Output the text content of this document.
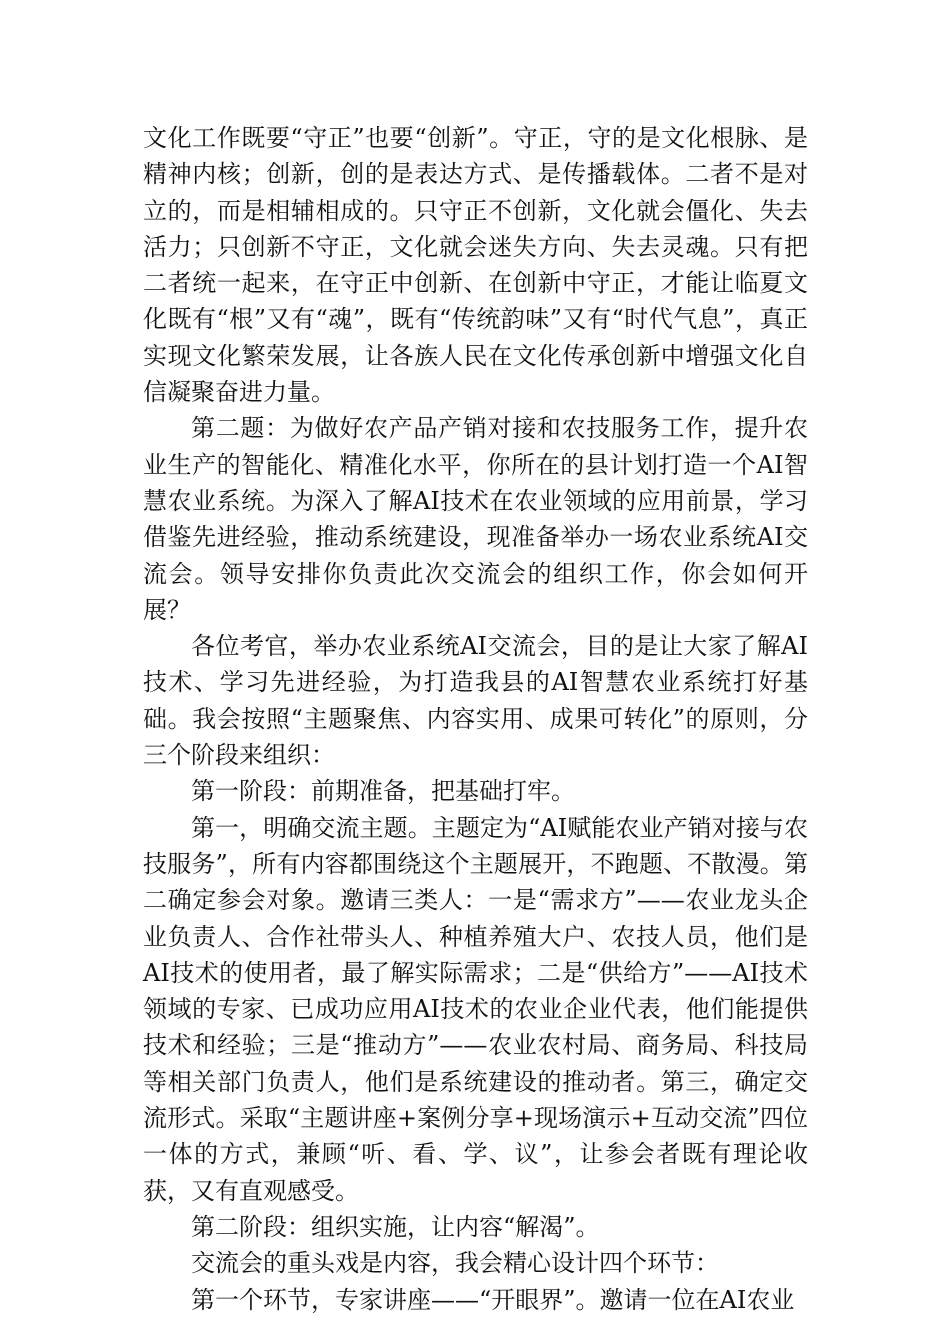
文化工作既要“守正”也要“创新”。守正，守的是文化根脉、是精神内核；创新，创的是表达方式、是传播载体。二者不是对立的，而是相辅相成的。只守正不创新，文化就会僵化、失去活力；只创新不守正，文化就会迷失方向、失去灵魂。只有把二者统一起来，在守正中创新、在创新中守正，才能让临夏文化既有“根”又有“魂”，既有“传统韵味”又有“时代气息”，真正实现文化繁荣发展，让各族人民在文化传承创新中增强文化自信凝聚奋进力量。

第二题：为做好农产品产销对接和农技服务工作，提升农业生产的智能化、精准化水平，你所在的县计划打造一个AI智慧农业系统。为深入了解AI技术在农业领域的应用前景，学习借鉴先进经验，推动系统建设，现准备举办一场农业系统AI交流会。领导安排你负责此次交流会的组织工作，你会如何开展？

各位考官，举办农业系统AI交流会，目的是让大家了解AI技术、学习先进经验，为打造我县的AI智慧农业系统打好基础。我会按照“主题聚焦、内容实用、成果可转化”的原则，分三个阶段来组织：

第一阶段：前期准备，把基础打牢。

第一，明确交流主题。主题定为“AI赋能农业产销对接与农技服务”，所有内容都围绕这个主题展开，不跑题、不散漫。第二确定参会对象。邀请三类人：一是“需求方”——农业龙头企业负责人、合作社带头人、种植养殖大户、农技人员，他们是AI技术的使用者，最了解实际需求；二是“供给方”——AI技术领域的专家、已成功应用AI技术的农业企业代表，他们能提供技术和经验；三是“推动方”——农业农村局、商务局、科技局等相关部门负责人，他们是系统建设的推动者。第三，确定交流形式。采取“主题讲座+案例分享+现场演示+互动交流”四位一体的方式，兼顾“听、看、学、议”，让参会者既有理论收获，又有直观感受。

第二阶段：组织实施，让内容“解渴”。

交流会的重头戏是内容，我会精心设计四个环节：

第一个环节，专家讲座——“开眼界”。邀请一位在AI农业
